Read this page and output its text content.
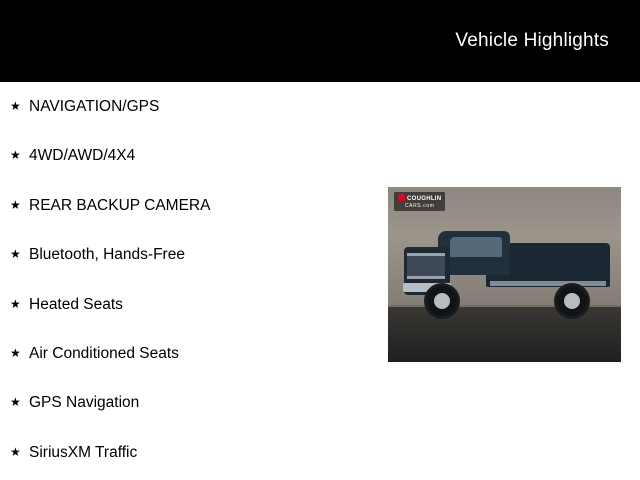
Vehicle Highlights
★ NAVIGATION/GPS
★ 4WD/AWD/4X4
★ REAR BACKUP CAMERA
★ Bluetooth, Hands-Free
★ Heated Seats
★ Air Conditioned Seats
★ GPS Navigation
★ SiriusXM Traffic
COUGHLIN
CARS.com
